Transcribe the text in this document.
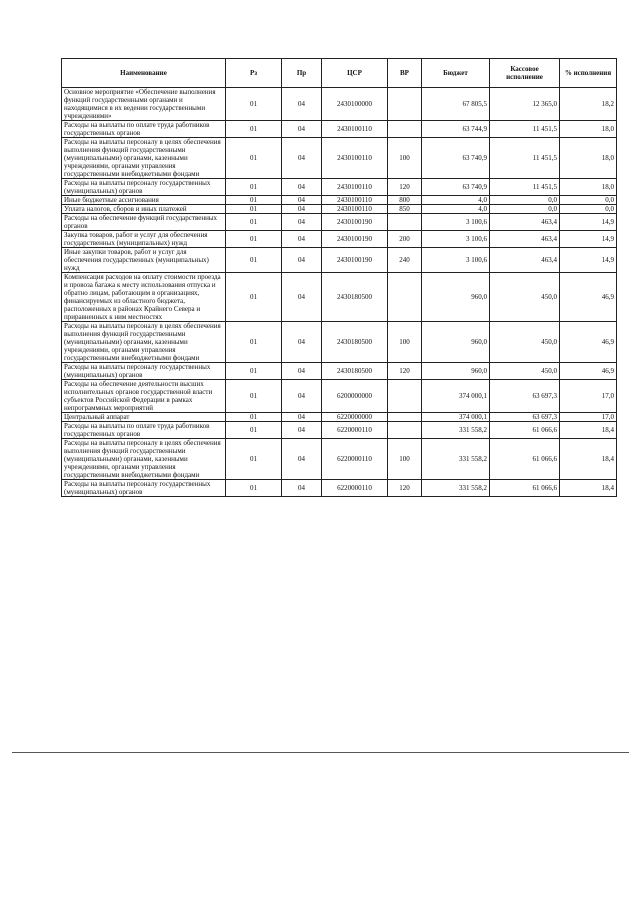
Наименование	Рз	Пр	ЦСР	ВР	Бюджет	Кассовое исполнение	% исполнения
Основное мероприятие «Обеспечение выполнения функций государственными органами и находящимися в их ведении государственными учреждениями»	01	04	2430100000		67 805,5	12 365,0	18,2
Расходы на выплаты по оплате труда работников государственных органов	01	04	2430100110		63 744,9	11 451,5	18,0
Расходы на выплаты персоналу в целях обеспечения выполнения функций государственными (муниципальными) органами, казенными учреждениями, органами управления государственными внебюджетными фондами	01	04	2430100110	100	63 740,9	11 451,5	18,0
Расходы на выплаты персоналу государственных (муниципальных) органов	01	04	2430100110	120	63 740,9	11 451,5	18,0
Иные бюджетные ассигнования	01	04	2430100110	800	4,0	0,0	0,0
Уплата налогов, сборов и иных платежей	01	04	2430100110	850	4,0	0,0	0,0
Расходы на обеспечение функций государственных органов	01	04	2430100190		3 100,6	463,4	14,9
Закупка товаров, работ и услуг для обеспечения государственных (муниципальных) нужд	01	04	2430100190	200	3 100,6	463,4	14,9
Иные закупки товаров, работ и услуг для обеспечения государственных (муниципальных) нужд	01	04	2430100190	240	3 100,6	463,4	14,9
Компенсация расходов на оплату стоимости проезда и провоза багажа к месту использования отпуска и обратно лицам, работающим в организациях, финансируемых из областного бюджета, расположенных в районах Крайнего Севера и приравненных к ним местностях	01	04	2430180500		960,0	450,0	46,9
Расходы на выплаты персоналу в целях обеспечения выполнения функций государственными (муниципальными) органами, казенными учреждениями, органами управления государственными внебюджетными фондами	01	04	2430180500	100	960,0	450,0	46,9
Расходы на выплаты персоналу государственных (муниципальных) органов	01	04	2430180500	120	960,0	450,0	46,9
Расходы на обеспечение деятельности высших исполнительных органов государственной власти субъектов Российской Федерации в рамках непрограммных мероприятий	01	04	6200000000		374 000,1	63 697,3	17,0
Центральный аппарат	01	04	6220000000		374 000,1	63 697,3	17,0
Расходы на выплаты по оплате труда работников государственных органов	01	04	6220000110		331 558,2	61 066,6	18,4
Расходы на выплаты персоналу в целях обеспечения выполнения функций государственными (муниципальными) органами, казенными учреждениями, органами управления государственными внебюджетными фондами	01	04	6220000110	100	331 558,2	61 066,6	18,4
Расходы на выплаты персоналу государственных (муниципальных) органов	01	04	6220000110	120	331 558,2	61 066,6	18,4
